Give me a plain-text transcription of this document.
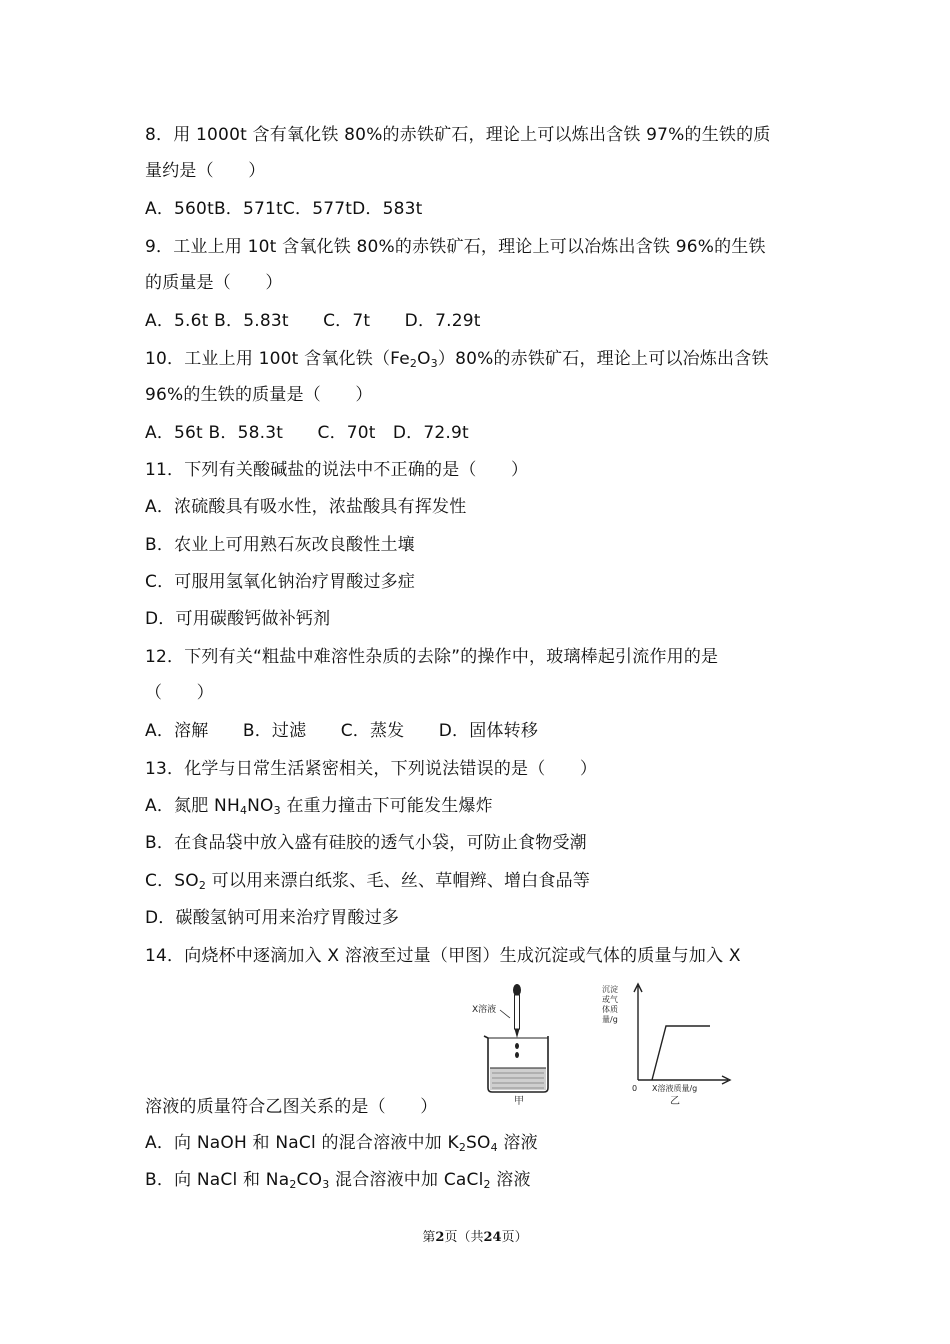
8．用 1000t 含有氧化铁 80%的赤铁矿石，理论上可以炼出含铁 97%的生铁的质
量约是（　　）
A．560tB．571tC．577tD．583t
9．工业上用 10t 含氧化铁 80%的赤铁矿石，理论上可以冶炼出含铁 96%的生铁
的质量是（　　）
A．5.6t B．5.83t　　C．7t　　D．7.29t
10．工业上用 100t 含氧化铁$(Fe_2O_3)80\%$的赤铁矿石，理论上可以冶炼出含铁
96%的生铁的质量是（　　）
A．56t B．58.3t　　C．70t　D．72.9t
11．下列有关酸碱盐的说法中不正确的是（　　）
A．浓硫酸具有吸水性，浓盐酸具有挥发性
B．农业上可用熟石灰改良酸性土壤
C．可服用氢氧化钠治疗胃酸过多症
D．可用碳酸钙做补钙剂
12．下列有关“粗盐中难溶性杂质的去除”的操作中，玻璃棒起引流作用的是
（　　）
A．溶解　　B．过滤　　C．蒸发　　D．固体转移
13．化学与日常生活紧密相关，下列说法错误的是（　　）
A．氮肥 $NH_4NO_3$ 在重力撞击下可能发生爆炸
B．在食品袋中放入盛有硅胶的透气小袋，可防止食物受潮
C．$SO_2$ 可以用来漂白纸浆、毛、丝、草帽辫、增白食品等
D．碳酸氢钠可用来治疗胃酸过多
14．向烧杯中逐滴加入 X 溶液至过量（甲图）生成沉淀或气体的质量与加入 X
X溶液
甲
沉淀
或气
体质
量/g
0 X溶液质量/g
乙
溶液的质量符合乙图关系的是（　　）
A．向 NaOH 和 NaCl 的混合溶液中加 $K_2SO_4$ 溶液
B．向 NaCl 和 $Na_2CO_3$ 混合溶液中加 CaCl$_2$ 溶液
第2页（共24页）
